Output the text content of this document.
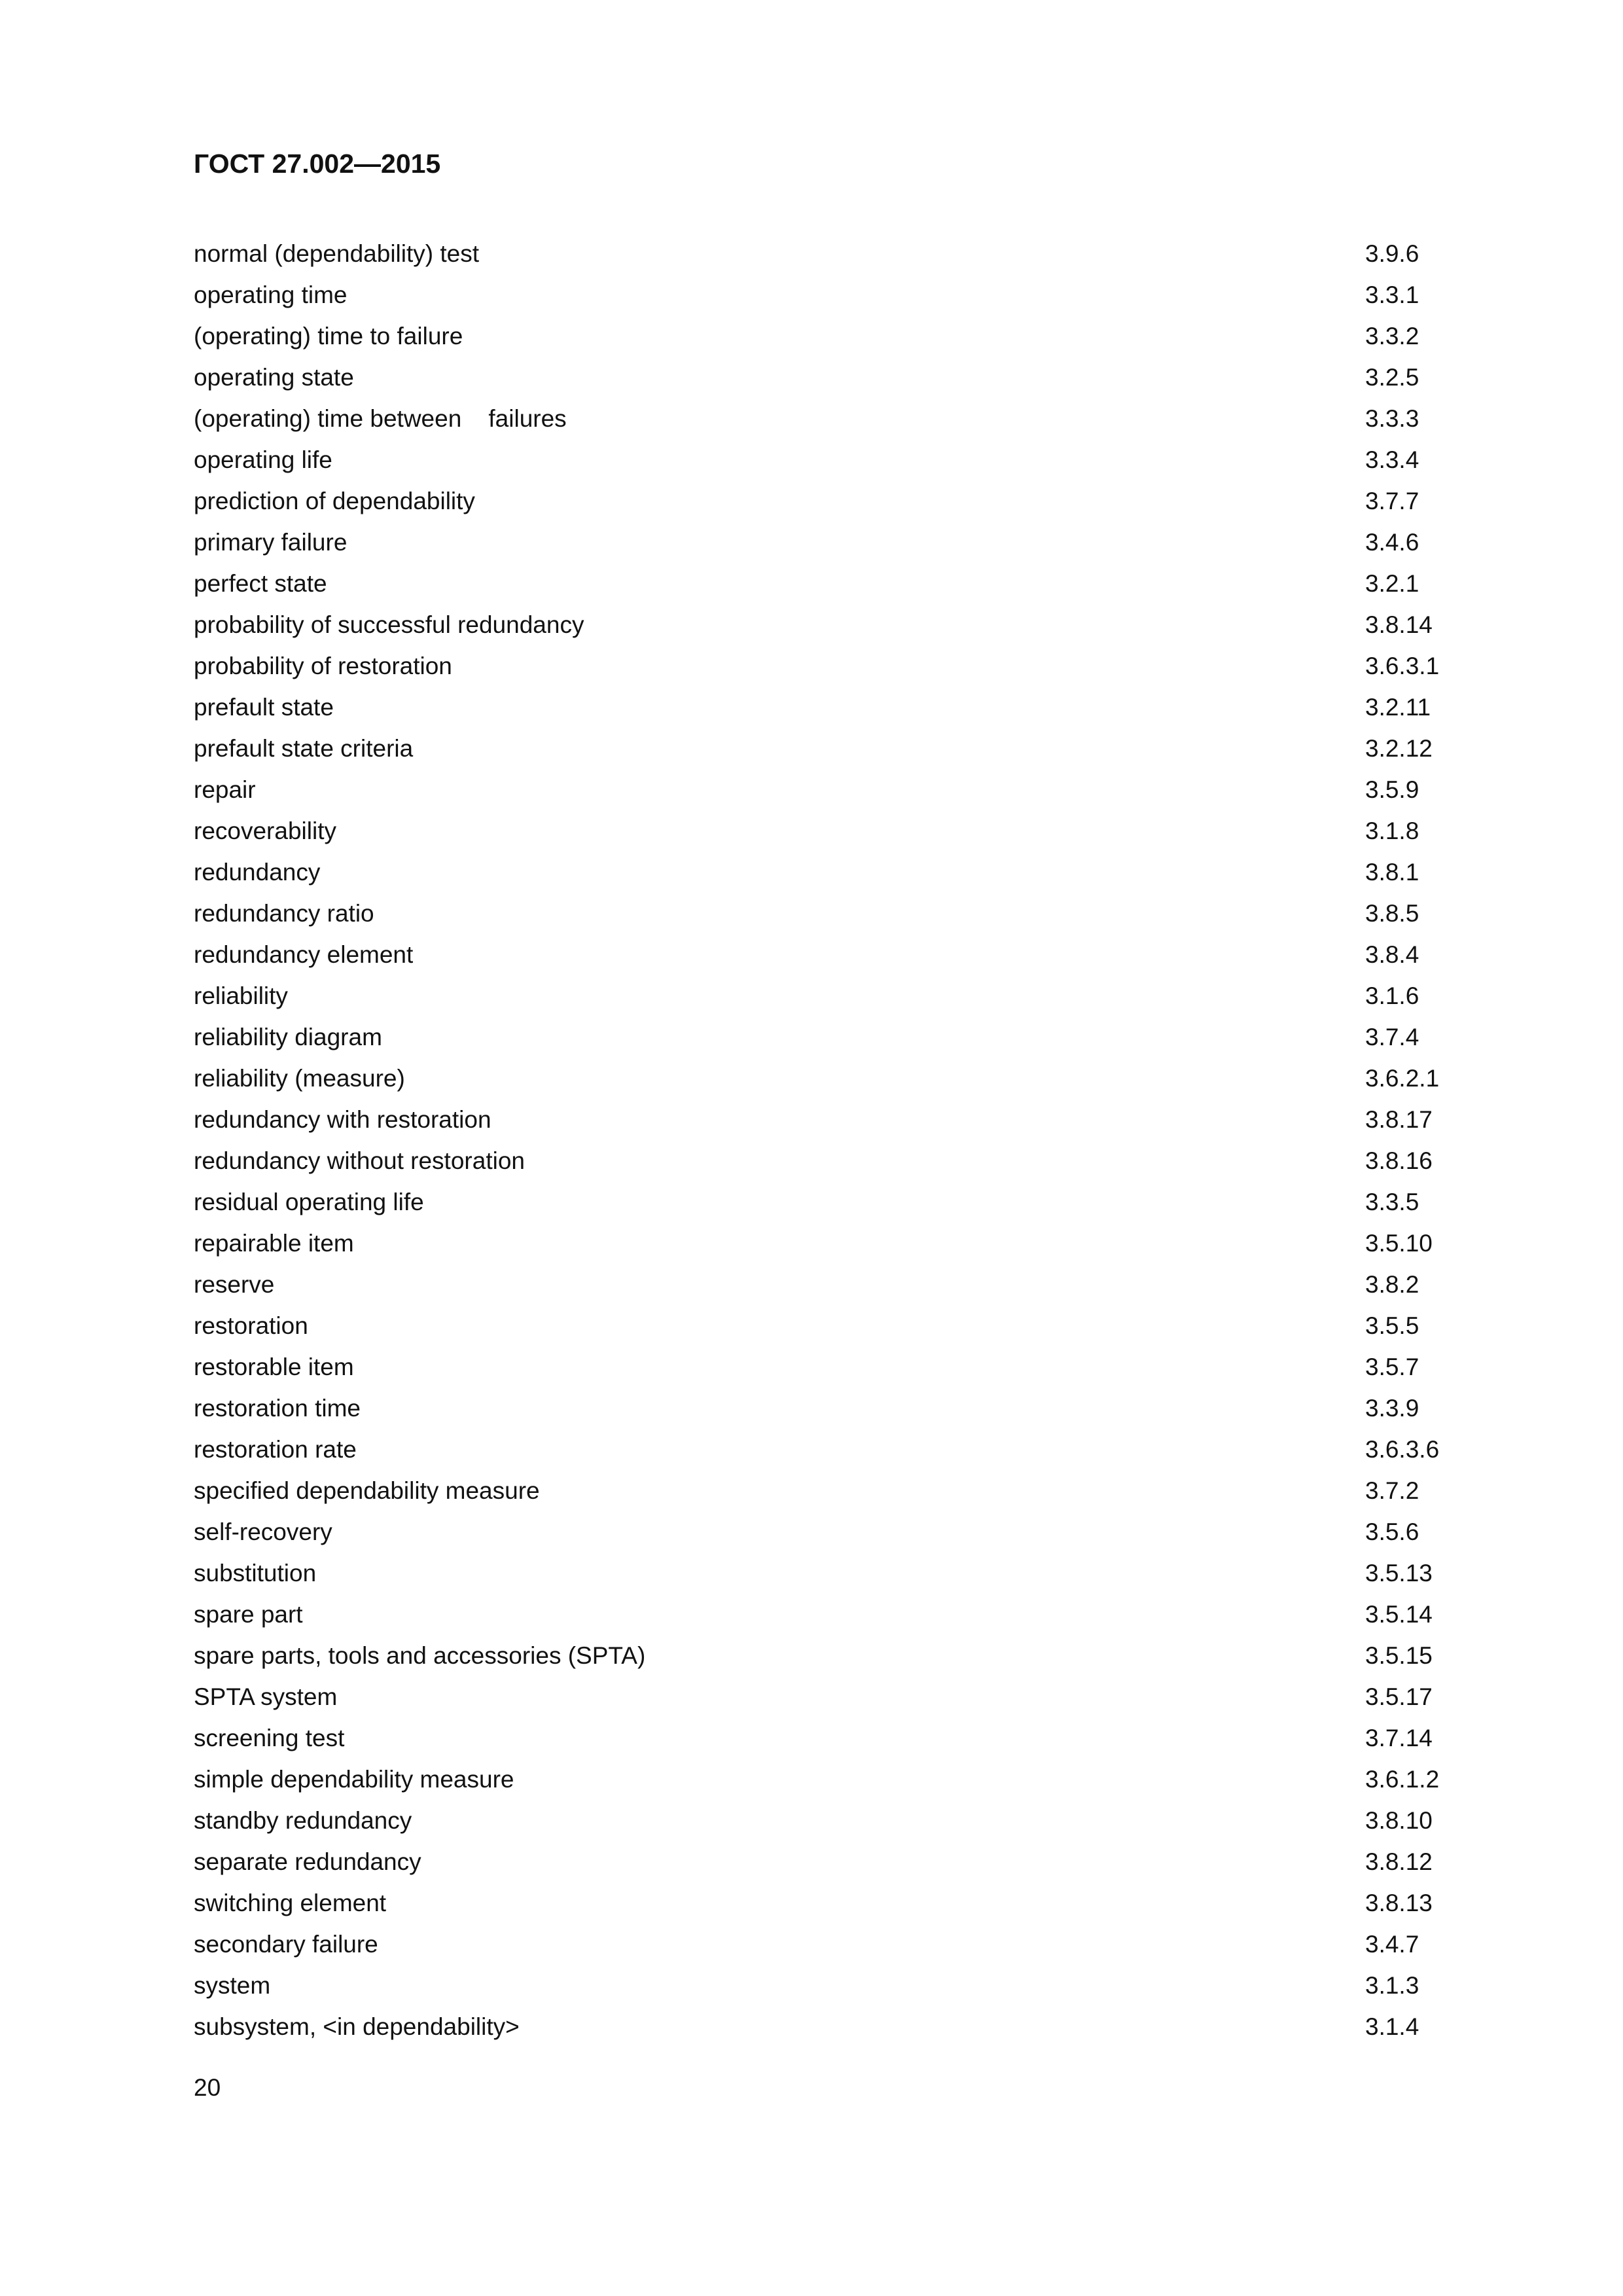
ГОСТ 27.002—2015
normal (dependability) test	3.9.6
operating time	3.3.1
(operating) time to failure	3.3.2
operating state	3.2.5
(operating) time between    failures	3.3.3
operating life	3.3.4
prediction of dependability	3.7.7
primary failure	3.4.6
perfect state	3.2.1
probability of successful redundancy	3.8.14
probability of restoration	3.6.3.1
prefault state	3.2.11
prefault state criteria	3.2.12
repair	3.5.9
recoverability	3.1.8
redundancy	3.8.1
redundancy ratio	3.8.5
redundancy element	3.8.4
reliability	3.1.6
reliability diagram	3.7.4
reliability (measure)	3.6.2.1
redundancy with restoration	3.8.17
redundancy without restoration	3.8.16
residual operating life	3.3.5
repairable item	3.5.10
reserve	3.8.2
restoration	3.5.5
restorable item	3.5.7
restoration time	3.3.9
restoration rate	3.6.3.6
specified dependability measure	3.7.2
self-recovery	3.5.6
substitution	3.5.13
spare part	3.5.14
spare parts, tools and accessories (SPTA)	3.5.15
SPTA system	3.5.17
screening test	3.7.14
simple dependability measure	3.6.1.2
standby redundancy	3.8.10
separate redundancy	3.8.12
switching element	3.8.13
secondary failure	3.4.7
system	3.1.3
subsystem, <in dependability>	3.1.4
20
